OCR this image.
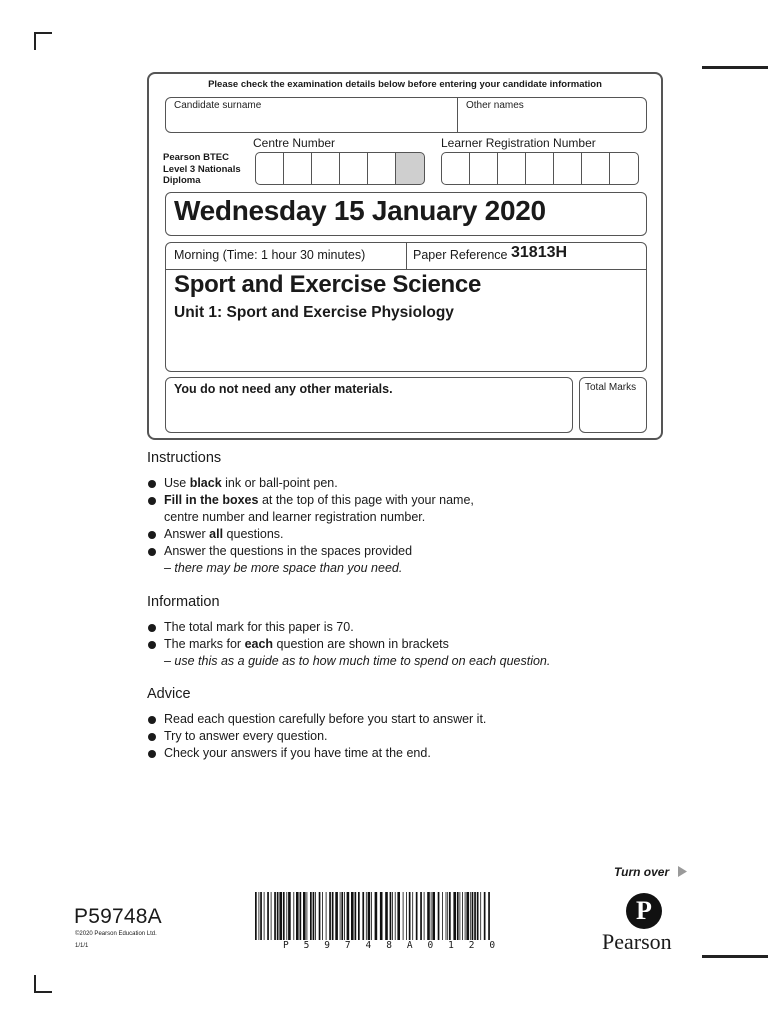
Please check the examination details below before entering your candidate information
Candidate surname	Other names
Centre Number	Learner Registration Number
Pearson BTEC
Level 3 Nationals
Diploma
Wednesday 15 January 2020
Morning (Time: 1 hour 30 minutes)	Paper Reference 31813H
Sport and Exercise Science
Unit 1: Sport and Exercise Physiology
You do not need any other materials.	Total Marks
Instructions
Use black ink or ball-point pen.
Fill in the boxes at the top of this page with your name,
centre number and learner registration number.
Answer all questions.
Answer the questions in the spaces provided
– there may be more space than you need.
Information
The total mark for this paper is 70.
The marks for each question are shown in brackets
– use this as a guide as to how much time to spend on each question.
Advice
Read each question carefully before you start to answer it.
Try to answer every question.
Check your answers if you have time at the end.
Turn over
P59748A
©2020 Pearson Education Ltd.
1/1/1	P 5 9 7 4 8 A 0 1 2 0
P
Pearson
